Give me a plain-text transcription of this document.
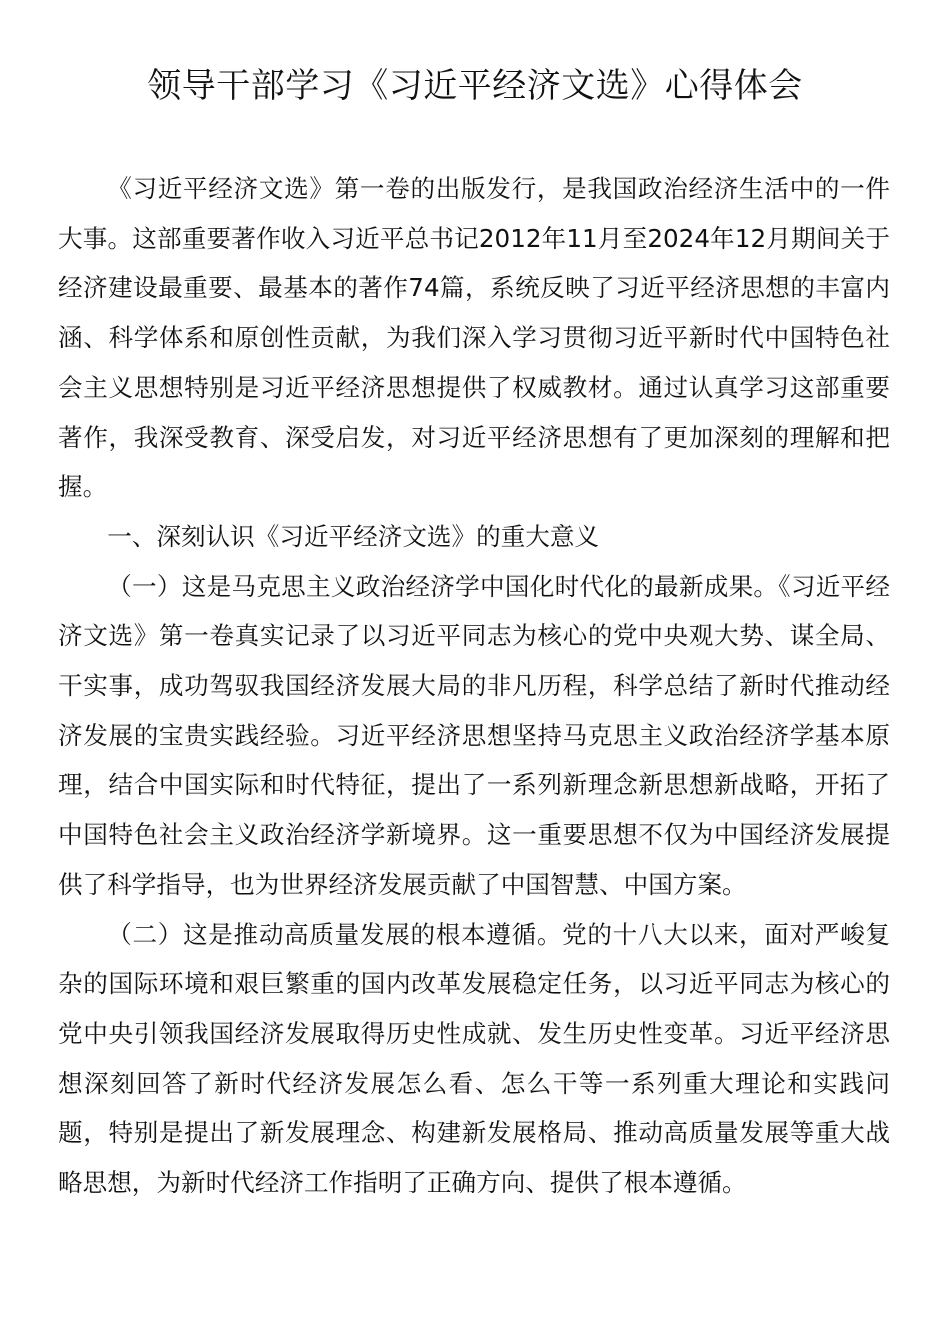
领导干部学习《习近平经济文选》心得体会

《习近平经济文选》第一卷的出版发行，是我国政治经济生活中的一件大事。这部重要著作收入习近平总书记2012年11月至2024年12月期间关于经济建设最重要、最基本的著作74篇，系统反映了习近平经济思想的丰富内涵、科学体系和原创性贡献，为我们深入学习贯彻习近平新时代中国特色社会主义思想特别是习近平经济思想提供了权威教材。通过认真学习这部重要著作，我深受教育、深受启发，对习近平经济思想有了更加深刻的理解和把握。

一、深刻认识《习近平经济文选》的重大意义

（一）这是马克思主义政治经济学中国化时代化的最新成果。《习近平经济文选》第一卷真实记录了以习近平同志为核心的党中央观大势、谋全局、干实事，成功驾驭我国经济发展大局的非凡历程，科学总结了新时代推动经济发展的宝贵实践经验。习近平经济思想坚持马克思主义政治经济学基本原理，结合中国实际和时代特征，提出了一系列新理念新思想新战略，开拓了中国特色社会主义政治经济学新境界。这一重要思想不仅为中国经济发展提供了科学指导，也为世界经济发展贡献了中国智慧、中国方案。

（二）这是推动高质量发展的根本遵循。党的十八大以来，面对严峻复杂的国际环境和艰巨繁重的国内改革发展稳定任务，以习近平同志为核心的党中央引领我国经济发展取得历史性成就、发生历史性变革。习近平经济思想深刻回答了新时代经济发展怎么看、怎么干等一系列重大理论和实践问题，特别是提出了新发展理念、构建新发展格局、推动高质量发展等重大战略思想，为新时代经济工作指明了正确方向、提供了根本遵循。
